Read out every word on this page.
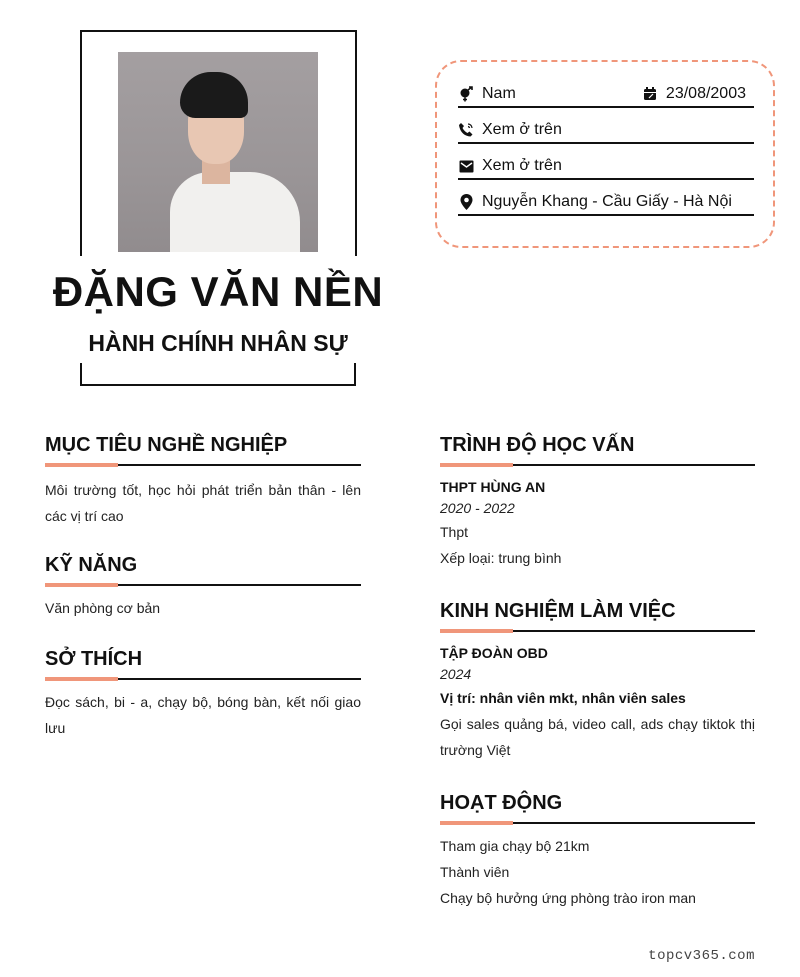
ĐẶNG VĂN NỀN
HÀNH CHÍNH NHÂN SỰ
Nam	23/08/2003
Xem ở trên
Xem ở trên
Nguyễn Khang - Cầu Giấy - Hà Nội
MỤC TIÊU NGHỀ NGHIỆP
Môi trường tốt, học hỏi phát triển bản thân - lên các vị trí cao
KỸ NĂNG
Văn phòng cơ bản
SỞ THÍCH
Đọc sách, bi - a, chạy bộ, bóng bàn, kết nối giao lưu
TRÌNH ĐỘ HỌC VẤN
THPT HÙNG AN
2020 - 2022
Thpt
Xếp loại: trung bình
KINH NGHIỆM LÀM VIỆC
TẬP ĐOÀN OBD
2024
Vị trí: nhân viên mkt, nhân viên sales
Gọi sales quảng bá, video call, ads chạy tiktok thị trường Việt
HOẠT ĐỘNG
Tham gia chạy bộ 21km
Thành viên
Chạy bộ hưởng ứng phòng trào iron man
topcv365.com
